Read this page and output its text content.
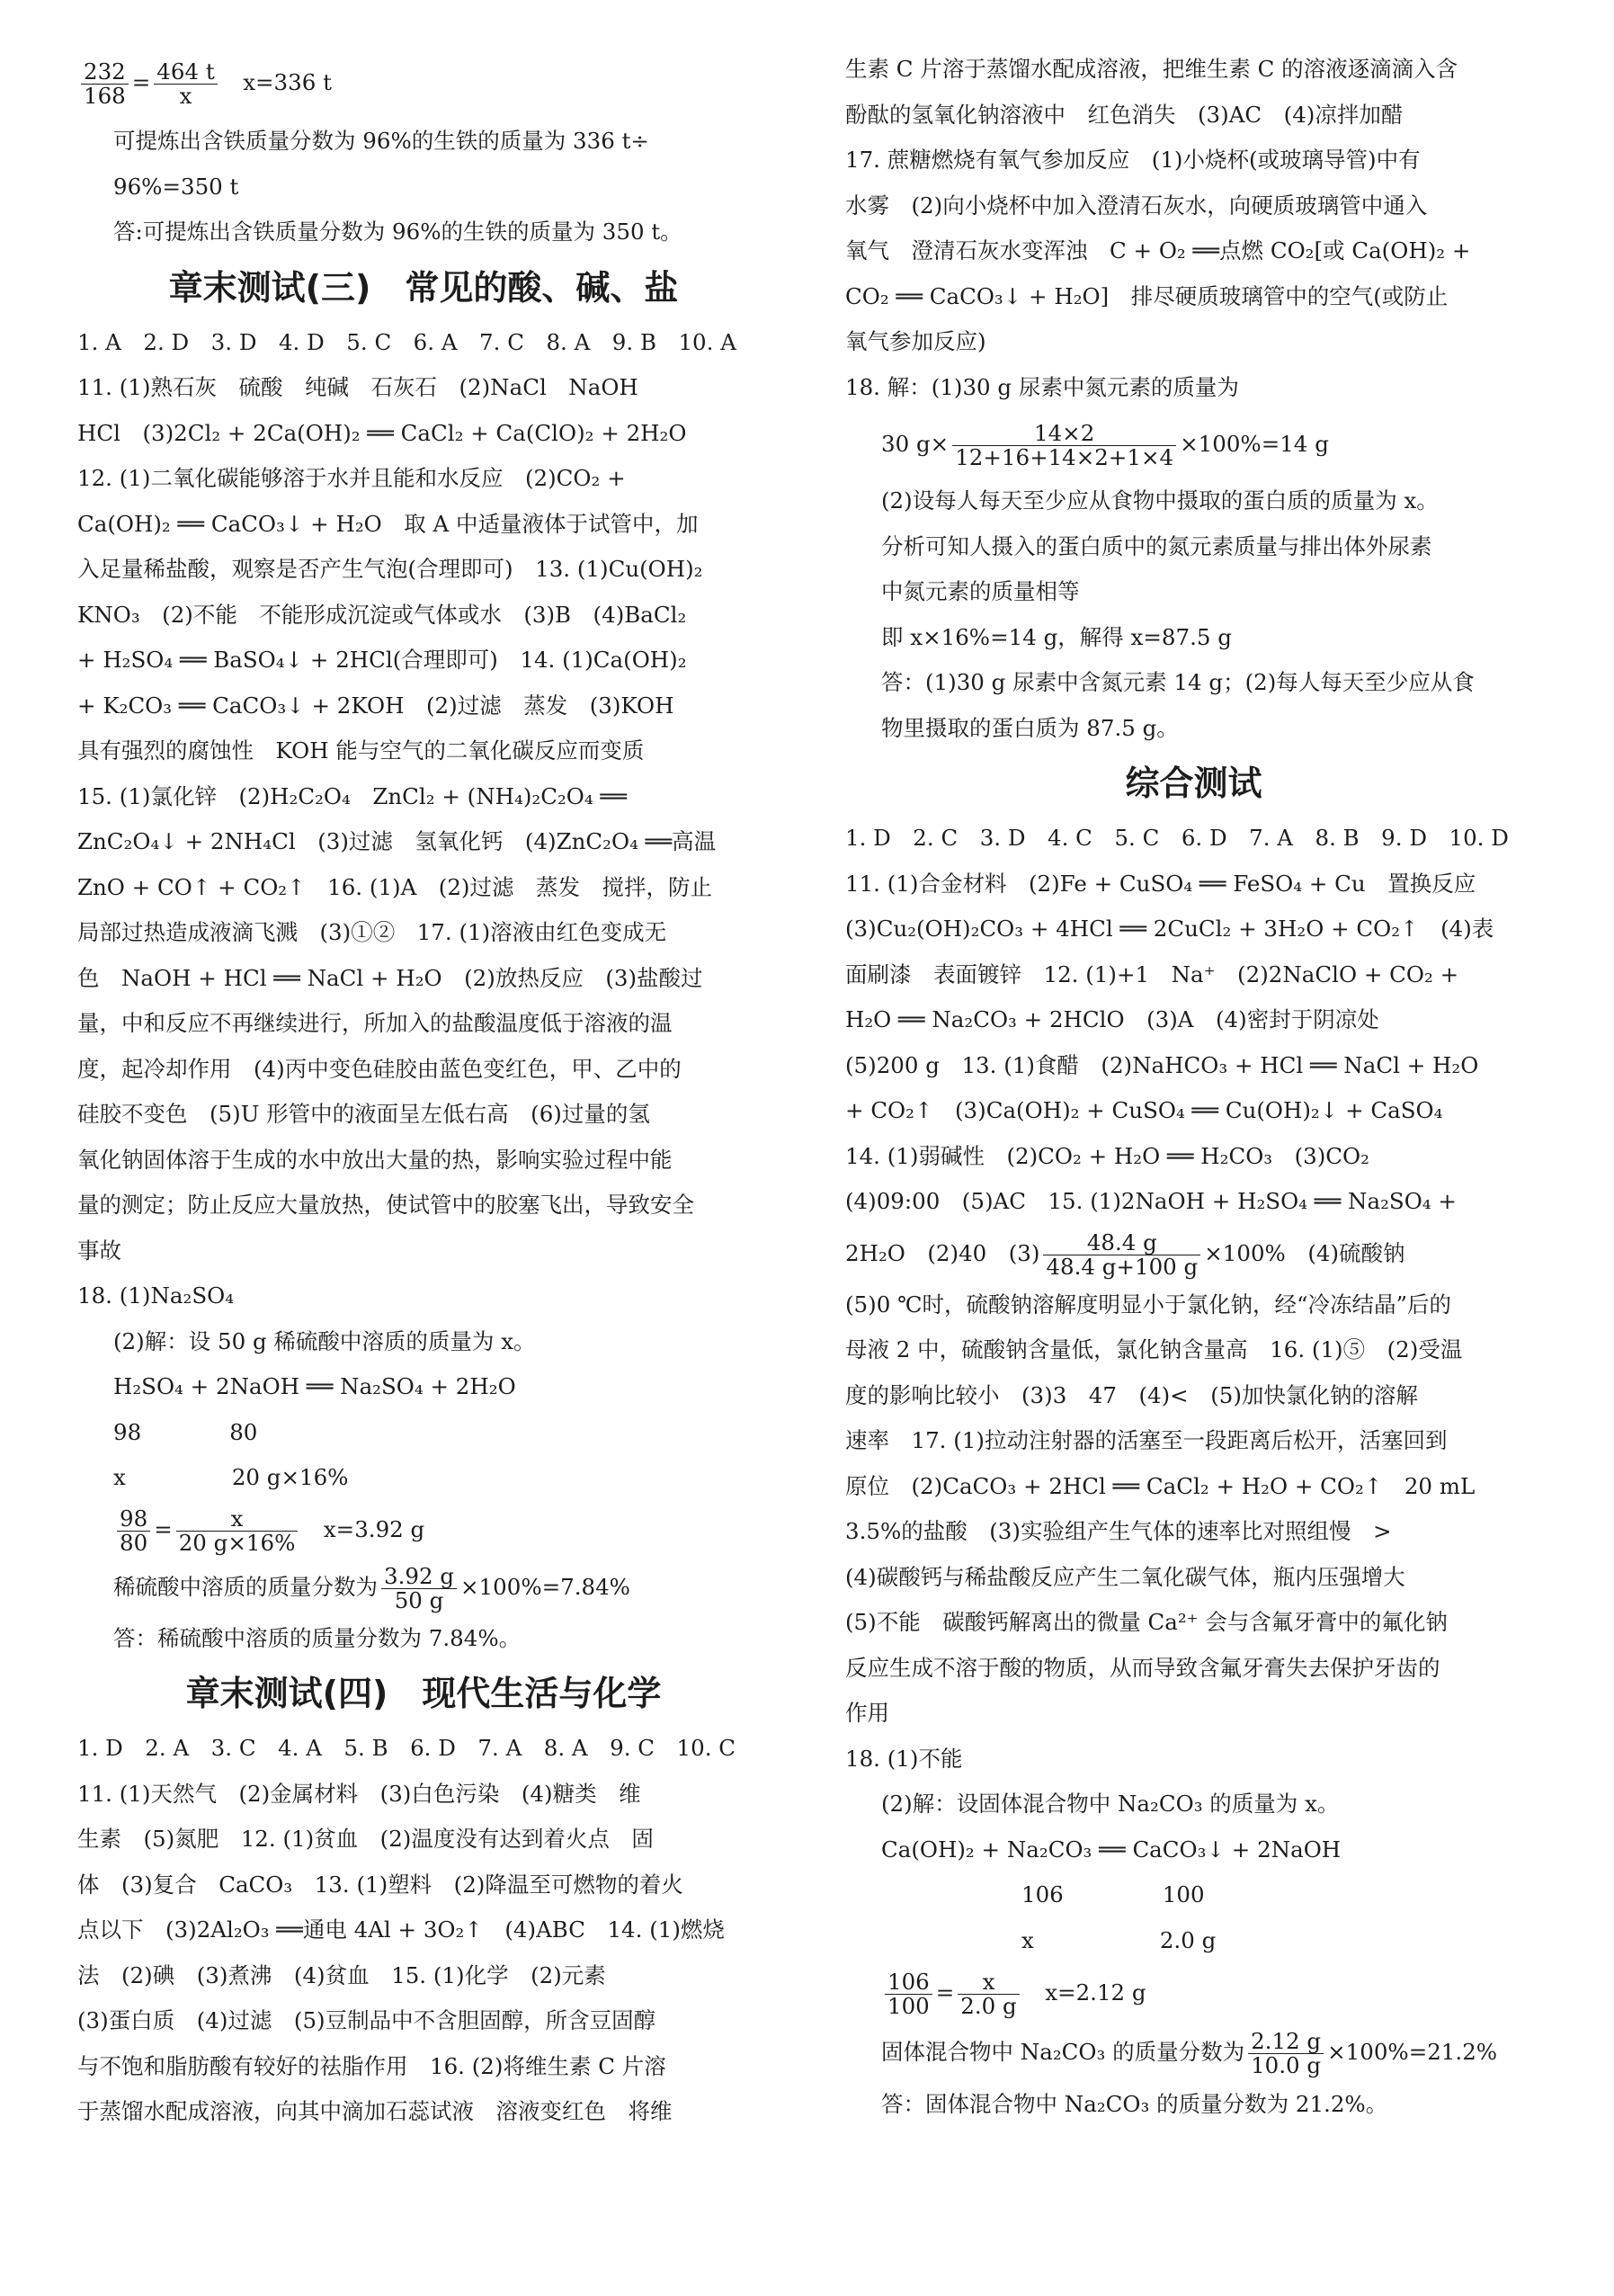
$\frac{232}{168} = \frac{464 t}{x}$
　 x=336 t
可提炼出含铁质量分数为 96%的生铁的质量为 336 t÷
96%=350 t
答:可提炼出含铁质量分数为 96%的生铁的质量为 350 t。
章末测试(三)　常见的酸、碱、盐
1. A　2. D　3. D　4. D　5. C　6. A　7. C　8. A　9. B　10. A
11. (1)熟石灰　硫酸　纯碱　石灰石　(2)NaCl　NaOH
HCl　(3)2Cl₂ + 2Ca(OH)₂ ══ CaCl₂ + Ca(ClO)₂ + 2H₂O
12. (1)二氧化碳能够溶于水并且能和水反应　(2)CO₂ +
Ca(OH)₂ ══ CaCO₃↓ + H₂O　取 A 中适量液体于试管中，加
入足量稀盐酸，观察是否产生气泡(合理即可)　13. (1)Cu(OH)₂
KNO₃　(2)不能　不能形成沉淀或气体或水　(3)B　(4)BaCl₂
+ H₂SO₄ ══ BaSO₄↓ + 2HCl(合理即可)　14. (1)Ca(OH)₂
+ K₂CO₃ ══ CaCO₃↓ + 2KOH　(2)过滤　蒸发　(3)KOH
具有强烈的腐蚀性　KOH 能与空气的二氧化碳反应而变质
15. (1)氯化锌　(2)H₂C₂O₄　ZnCl₂ + (NH₄)₂C₂O₄ ══
ZnC₂O₄↓ + 2NH₄Cl　(3)过滤　氢氧化钙　(4)ZnC₂O₄ ══高温
ZnO + CO↑ + CO₂↑　16. (1)A　(2)过滤　蒸发　搅拌，防止
局部过热造成液滴飞溅　(3)①②　17. (1)溶液由红色变成无
色　NaOH + HCl ══ NaCl + H₂O　(2)放热反应　(3)盐酸过
量，中和反应不再继续进行，所加入的盐酸温度低于溶液的温
度，起冷却作用　(4)丙中变色硅胶由蓝色变红色，甲、乙中的
硅胶不变色　(5)U 形管中的液面呈左低右高　(6)过量的氢
氧化钠固体溶于生成的水中放出大量的热，影响实验过程中能
量的测定；防止反应大量放热，使试管中的胶塞飞出，导致安全
事故
18. (1)Na₂SO₄
(2)解：设 50 g 稀硫酸中溶质的质量为 x。
H₂SO₄ + 2NaOH ══ Na₂SO₄ + 2H₂O
98	80
x	20 g×16%
$\frac{98}{80} = \frac{x}{20 g\times 16\%}$
　 x=3.92 g
稀硫酸中溶质的质量分数为 $\frac{3.92 g}{50 g} \times 100\%=7.84\%$
答：稀硫酸中溶质的质量分数为 7.84%。
章末测试(四)　现代生活与化学
1. D　2. A　3. C　4. A　5. B　6. D　7. A　8. A　9. C　10. C
11. (1)天然气　(2)金属材料　(3)白色污染　(4)糖类　维
生素　(5)氮肥　12. (1)贫血　(2)温度没有达到着火点　固
体　(3)复合　CaCO₃　13. (1)塑料　(2)降温至可燃物的着火
点以下　(3)2Al₂O₃ ══通电 4Al + 3O₂↑　(4)ABC　14. (1)燃烧
法　(2)碘　(3)煮沸　(4)贫血　15. (1)化学　(2)元素
(3)蛋白质　(4)过滤　(5)豆制品中不含胆固醇，所含豆固醇
与不饱和脂肪酸有较好的祛脂作用　16. (2)将维生素 C 片溶
于蒸馏水配成溶液，向其中滴加石蕊试液　溶液变红色　将维
生素 C 片溶于蒸馏水配成溶液，把维生素 C 的溶液逐滴滴入含
酚酞的氢氧化钠溶液中　红色消失　(3)AC　(4)凉拌加醋
17. 蔗糖燃烧有氧气参加反应　(1)小烧杯(或玻璃导管)中有
水雾　(2)向小烧杯中加入澄清石灰水，向硬质玻璃管中通入
氧气　澄清石灰水变浑浊　C + O₂ ══点燃 CO₂[或 Ca(OH)₂ +
CO₂ ══ CaCO₃↓ + H₂O]　排尽硬质玻璃管中的空气(或防止
氧气参加反应)
18. 解：(1)30 g 尿素中氮元素的质量为
30 $g\times \frac{14\times 2}{12+16+14\times 2+1\times 4} \times 100\%=14$ g
(2)设每人每天至少应从食物中摄取的蛋白质的质量为 x。
分析可知人摄入的蛋白质中的氮元素质量与排出体外尿素
中氮元素的质量相等
即 x×16%=14 g，解得 x=87.5 g
答：(1)30 g 尿素中含氮元素 14 g；(2)每人每天至少应从食
物里摄取的蛋白质为 87.5 g。
综合测试
1. D　2. C　3. D　4. C　5. C　6. D　7. A　8. B　9. D　10. D
11. (1)合金材料　(2)Fe + CuSO₄ ══ FeSO₄ + Cu　置换反应
(3)Cu₂(OH)₂CO₃ + 4HCl ══ 2CuCl₂ + 3H₂O + CO₂↑　(4)表
面刷漆　表面镀锌　12. (1)+1　Na⁺　(2)2NaClO + CO₂ +
H₂O ══ Na₂CO₃ + 2HClO　(3)A　(4)密封于阴凉处
(5)200 g　13. (1)食醋　(2)NaHCO₃ + HCl ══ NaCl + H₂O
+ CO₂↑　(3)Ca(OH)₂ + CuSO₄ ══ Cu(OH)₂↓ + CaSO₄
14. (1)弱碱性　(2)CO₂ + H₂O ══ H₂CO₃　(3)CO₂
(4)09:00　(5)AC　15. (1)2NaOH + H₂SO₄ ══ Na₂SO₄ +
2H₂O　(2)40　$(3) \frac{48.4 g}{48.4 g+100 g} \times 100\%$　(4)硫酸钠
(5)0 ℃时，硫酸钠溶解度明显小于氯化钠，经“冷冻结晶”后的
母液 2 中，硫酸钠含量低，氯化钠含量高　16. (1)⑤　(2)受温
度的影响比较小　(3)3　47　(4)<　(5)加快氯化钠的溶解
速率　17. (1)拉动注射器的活塞至一段距离后松开，活塞回到
原位　(2)CaCO₃ + 2HCl ══ CaCl₂ + H₂O + CO₂↑　20 mL
3.5%的盐酸　(3)实验组产生气体的速率比对照组慢　>
(4)碳酸钙与稀盐酸反应产生二氧化碳气体，瓶内压强增大
(5)不能　碳酸钙解离出的微量 Ca²⁺ 会与含氟牙膏中的氟化钠
反应生成不溶于酸的物质，从而导致含氟牙膏失去保护牙齿的
作用
18. (1)不能
(2)解：设固体混合物中 Na₂CO₃ 的质量为 x。
Ca(OH)₂ + Na₂CO₃ ══ CaCO₃↓ + 2NaOH
106	100
x	2.0 g
$\frac{106}{100} = \frac{x}{2.0 g}$
　 x=2.12 g
固体混合物中 Na₂CO₃ 的质量分数为 $\frac{2.12 g}{10.0 g} \times 100\%=21.2\%$
答：固体混合物中 Na₂CO₃ 的质量分数为 21.2%。
